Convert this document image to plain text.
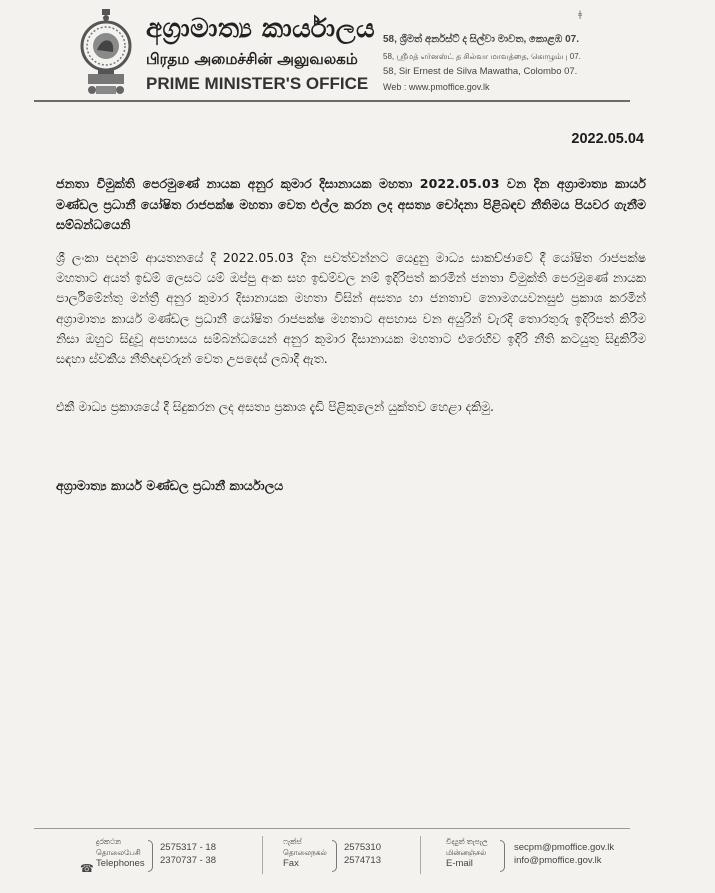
අග්‍රාමාත්‍ය කාර්යාලය
பிரதம அமைச்சின் அலுவலகம்
PRIME MINISTER'S OFFICE
58, ශ්‍රීමත් අර්නස්ට් ද සිල්වා මාවත, කොළඹ 07.
58, ஸ்ரீமத் எர்னஸ்ட் த சில்வா மாவத்தை, கொழும்பு 07.
58, Sir Ernest de Silva Mawatha, Colombo 07.
Web : www.pmoffice.gov.lk
ǂ
2022.05.04
ජනතා විමුක්ති පෙරමුණේ නායක අනුර කුමාර දිසානායක මහතා 2022.05.03 වන දින අග්‍රාමාත්‍ය කාර්ය මණ්ඩල ප්‍රධානී යෝෂිත රාජපක්ෂ මහතා වෙත එල්ල කරන ලද අසත්‍ය චෝදනා පිළිබඳව නීතිමය පියවර ගැනීම සම්බන්ධයෙනි
ශ්‍රී ලංකා පදනම් ආයතනයේ දී 2022.05.03 දින පවත්වන්නට යෙදුනු මාධ්‍ය සාකච්ඡාවේ දී යෝෂිත රාජපක්ෂ මහතාට අයත් ඉඩම් ලෙසට යම් ඔප්පු අංක සහ ඉඩම්වල නම් ඉදිරිපත් කරමින් ජනතා විමුක්ති පෙරමුණේ නායක පාර්ලිමේන්තු මන්ත්‍රී අනුර කුමාර දිසානායක මහතා විසින් අසත්‍ය හා ජනතාව නොමගයවනසුළු ප්‍රකාශ කරමින් අග්‍රාමාත්‍ය කාර්ය මණ්ඩල ප්‍රධානී යෝෂිත රාජපක්ෂ මහතාට අපහාස වන අයුරින් වැරදි තොරතුරු ඉදිරිපත් කිරීම නිසා ඔහුට සිදුවූ අපහාසය සම්බන්ධයෙන් අනුර කුමාර දිසානායක මහතාට එරෙහිව ඉදිරි නීති කටයුතු සිදුකිරීම සඳහා ස්වකීය නීතිඥවරුන් වෙත උපදෙස් ලබාදී ඇත.
එකී මාධ්‍ය ප්‍රකාශයේ දී සිදුකරන ලද අසත්‍ය ප්‍රකාශ දැඩි පිළිකුලෙන් යුක්තව හෙළා දකිමු.
අග්‍රාමාත්‍ය කාර්ය මණ්ඩල ප්‍රධානී කාර්යාලය
දුරකථන
தொலைபேசி
Telephones
☎
2575317 - 18
2370737 - 38
ෆැක්ස්
தொலைநகல்
Fax
2575310
2574713
විද්‍යුත් තැපැල
மின்னஞ்சல்
E-mail
secpm@pmoffice.gov.lk
info@pmoffice.gov.lk
